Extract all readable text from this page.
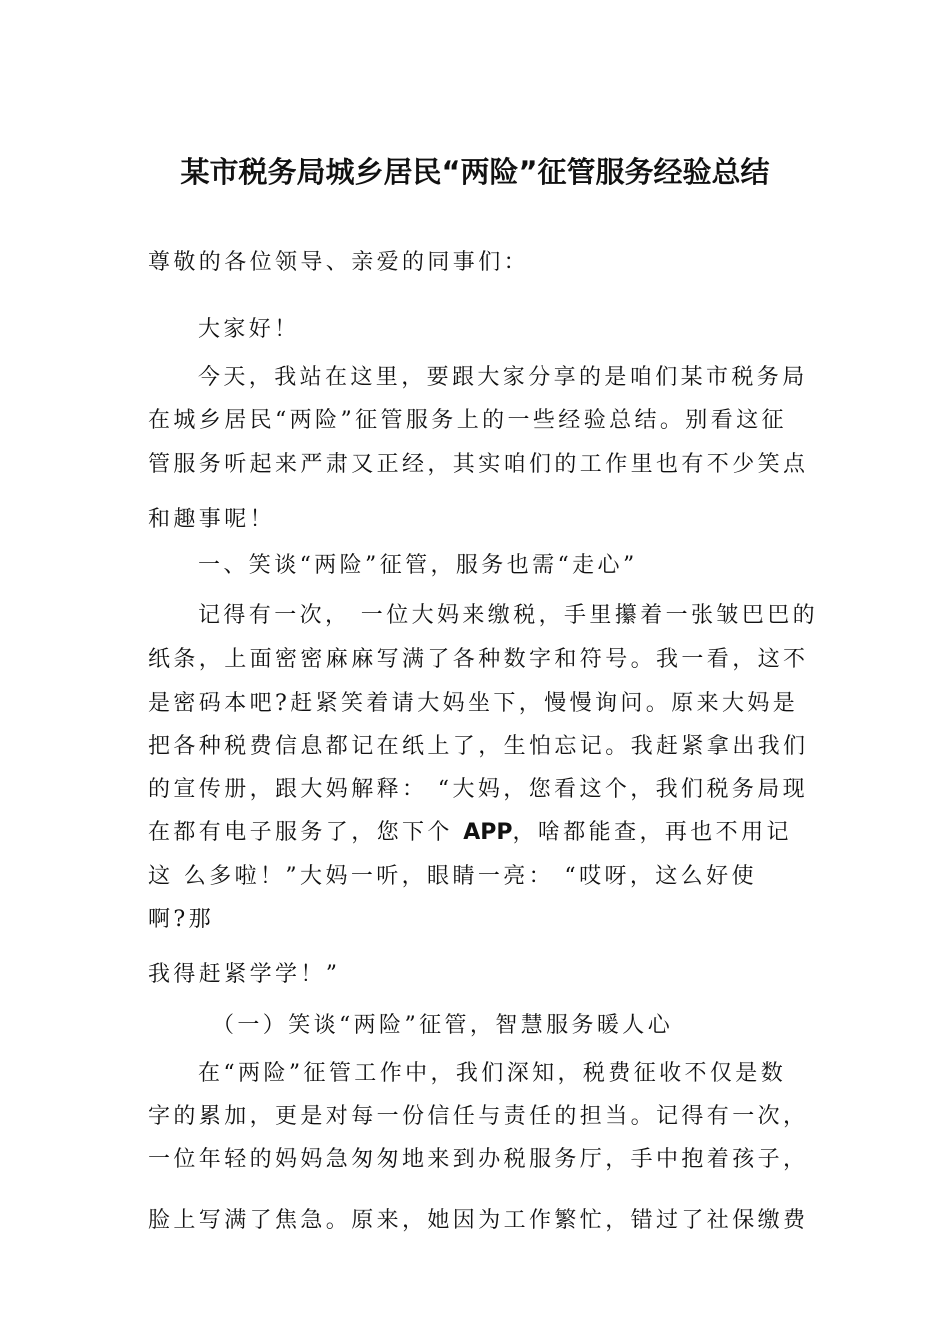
某市税务局城乡居民“两险”征管服务经验总结
尊敬的各位领导、亲爱的同事们：
大家好！
今天，我站在这里，要跟大家分享的是咱们某市税务局
在城乡居民“两险”征管服务上的一些经验总结。别看这征
管服务听起来严肃又正经，其实咱们的工作里也有不少笑点
和趣事呢！
一、笑谈“两险”征管，服务也需“走心”
记得有一次， 一位大妈来缴税，手里攥着一张皱巴巴的
纸条，上面密密麻麻写满了各种数字和符号。我一看，这不
是密码本吧?赶紧笑着请大妈坐下，慢慢询问。原来大妈是
把各种税费信息都记在纸上了，生怕忘记。我赶紧拿出我们
的宣传册，跟大妈解释： “大妈，您看这个，我们税务局现
在都有电子服务了，您下个 APP，啥都能查，再也不用记
这 么多啦！”大妈一听，眼睛一亮： “哎呀，这么好使
啊?那
我得赶紧学学！”
（一）笑谈“两险”征管，智慧服务暖人心
在“两险”征管工作中，我们深知，税费征收不仅是数
字的累加，更是对每一份信任与责任的担当。记得有一次，
一位年轻的妈妈急匆匆地来到办税服务厅，手中抱着孩子，
脸上写满了焦急。原来，她因为工作繁忙，错过了社保缴费
